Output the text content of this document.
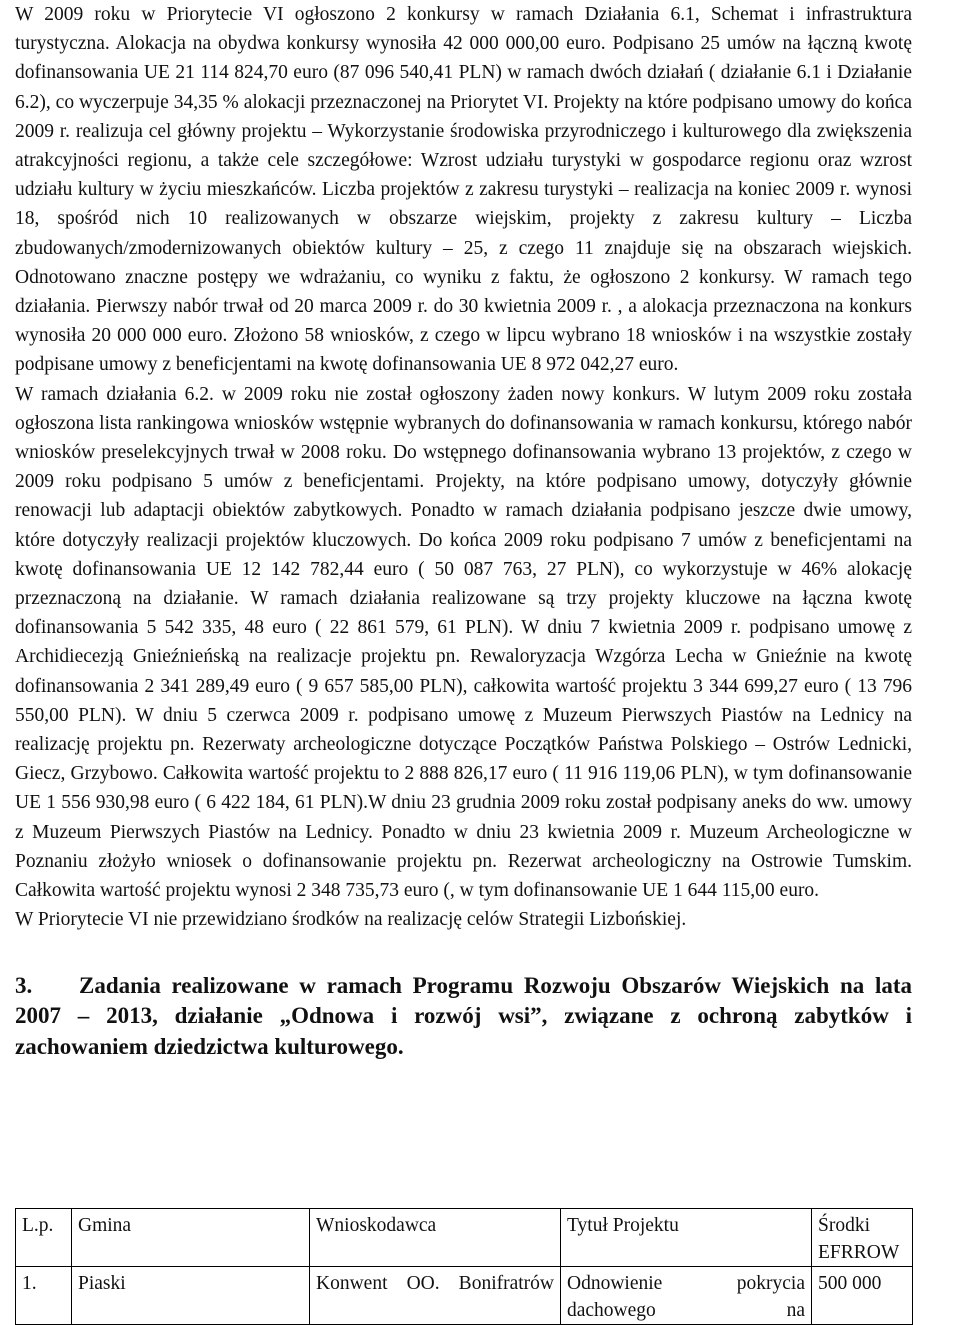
W 2009 roku w Priorytecie VI ogłoszono 2 konkursy w ramach Działania 6.1, Schemat i infrastruktura turystyczna. Alokacja na obydwa konkursy wynosiła 42 000 000,00 euro. Podpisano 25 umów na łączną kwotę dofinansowania UE 21 114 824,70 euro (87 096 540,41 PLN) w ramach dwóch działań ( działanie 6.1 i Działanie 6.2), co wyczerpuje 34,35 % alokacji przeznaczonej na Priorytet VI. Projekty na które podpisano umowy do końca 2009 r. realizuja cel główny projektu – Wykorzystanie środowiska przyrodniczego i kulturowego dla zwiększenia atrakcyjności regionu, a także cele szczegółowe: Wzrost udziału turystyki w gospodarce regionu oraz wzrost udziału kultury w życiu mieszkańców. Liczba projektów z zakresu turystyki – realizacja na koniec 2009 r. wynosi 18, spośród nich 10 realizowanych w obszarze wiejskim, projekty z zakresu kultury – Liczba zbudowanych/zmodernizowanych obiektów kultury – 25, z czego 11 znajduje się na obszarach wiejskich. Odnotowano znaczne postępy we wdrażaniu, co wyniku z faktu, że ogłoszono 2 konkursy. W ramach tego działania. Pierwszy nabór trwał od 20 marca 2009 r. do 30 kwietnia 2009 r. , a alokacja przeznaczona na konkurs wynosiła 20 000 000 euro. Złożono 58 wniosków, z czego w lipcu wybrano 18 wniosków i na wszystkie zostały podpisane umowy z beneficjentami na kwotę dofinansowania UE 8 972 042,27 euro.

W ramach działania 6.2. w 2009 roku nie został ogłoszony żaden nowy konkurs. W lutym 2009 roku została ogłoszona lista rankingowa wniosków wstępnie wybranych do dofinansowania w ramach konkursu, którego nabór wniosków preselekcyjnych trwał w 2008 roku. Do wstępnego dofinansowania wybrano 13 projektów, z czego w 2009 roku podpisano 5 umów z beneficjentami. Projekty, na które podpisano umowy, dotyczyły głównie renowacji lub adaptacji obiektów zabytkowych. Ponadto w ramach działania podpisano jeszcze dwie umowy, które dotyczyły realizacji projektów kluczowych. Do końca 2009 roku podpisano 7 umów z beneficjentami na kwotę dofinansowania UE 12 142 782,44 euro ( 50 087 763, 27 PLN), co wykorzystuje w 46% alokację przeznaczoną na działanie. W ramach działania realizowane są trzy projekty kluczowe na łączna kwotę dofinansowania 5 542 335, 48 euro ( 22 861 579, 61 PLN). W dniu 7 kwietnia 2009 r. podpisano umowę z Archidiecezją Gnieźnieńską na realizacje projektu pn. Rewaloryzacja Wzgórza Lecha w Gnieźnie na kwotę dofinansowania 2 341 289,49 euro ( 9 657 585,00 PLN), całkowita wartość projektu 3 344 699,27 euro ( 13 796 550,00 PLN). W dniu 5 czerwca 2009 r. podpisano umowę z Muzeum Pierwszych Piastów na Lednicy na realizację projektu pn. Rezerwaty archeologiczne dotyczące Początków Państwa Polskiego – Ostrów Lednicki, Giecz, Grzybowo. Całkowita wartość projektu to 2 888 826,17 euro ( 11 916 119,06 PLN), w tym dofinansowanie UE 1 556 930,98 euro ( 6 422 184, 61 PLN).W dniu 23 grudnia 2009 roku został podpisany aneks do ww. umowy z Muzeum Pierwszych Piastów na Lednicy. Ponadto w dniu 23 kwietnia 2009 r. Muzeum Archeologiczne w Poznaniu złożyło wniosek o dofinansowanie projektu pn. Rezerwat archeologiczny na Ostrowie Tumskim. Całkowita wartość projektu wynosi 2 348 735,73 euro (, w tym dofinansowanie UE 1 644 115,00 euro.

W Priorytecie VI nie przewidziano środków na realizację celów Strategii Lizbońskiej.

3. Zadania realizowane w ramach Programu Rozwoju Obszarów Wiejskich na lata 2007 – 2013, działanie „Odnowa i rozwój wsi”, związane z ochroną zabytków i zachowaniem dziedzictwa kulturowego.

L.p.	Gmina	Wnioskodawca	Tytuł Projektu	Środki EFRROW
1.	Piaski	Konwent OO. Bonifratrów	Odnowienie pokrycia dachowego na	500 000
